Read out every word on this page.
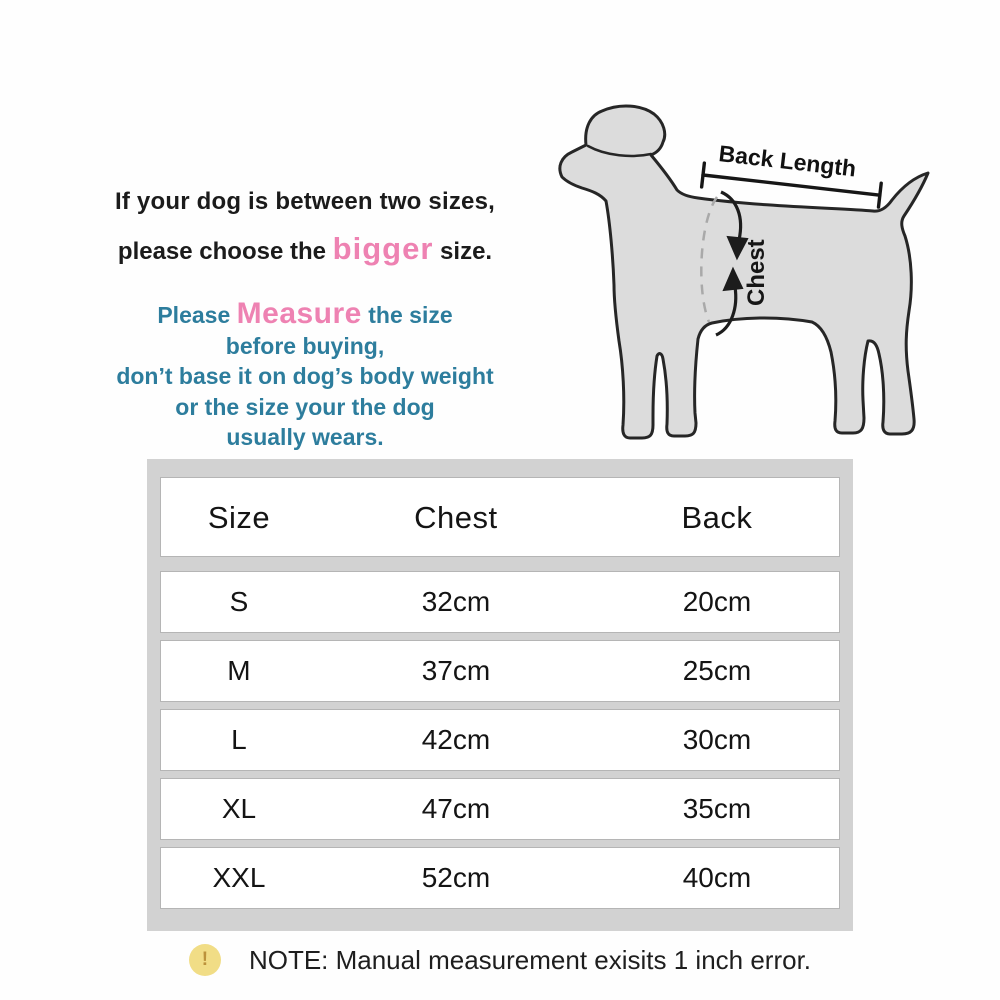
If your dog is between two sizes,
please choose the bigger size.
Please Measure the size
before buying,
don’t base it on dog’s body weight
or the size your the dog
usually wears.
Chest
Back Length
Size	Chest	Back
S	32cm	20cm
M	37cm	25cm
L	42cm	30cm
XL	47cm	35cm
XXL	52cm	40cm
! NOTE: Manual measurement exisits 1 inch error.
